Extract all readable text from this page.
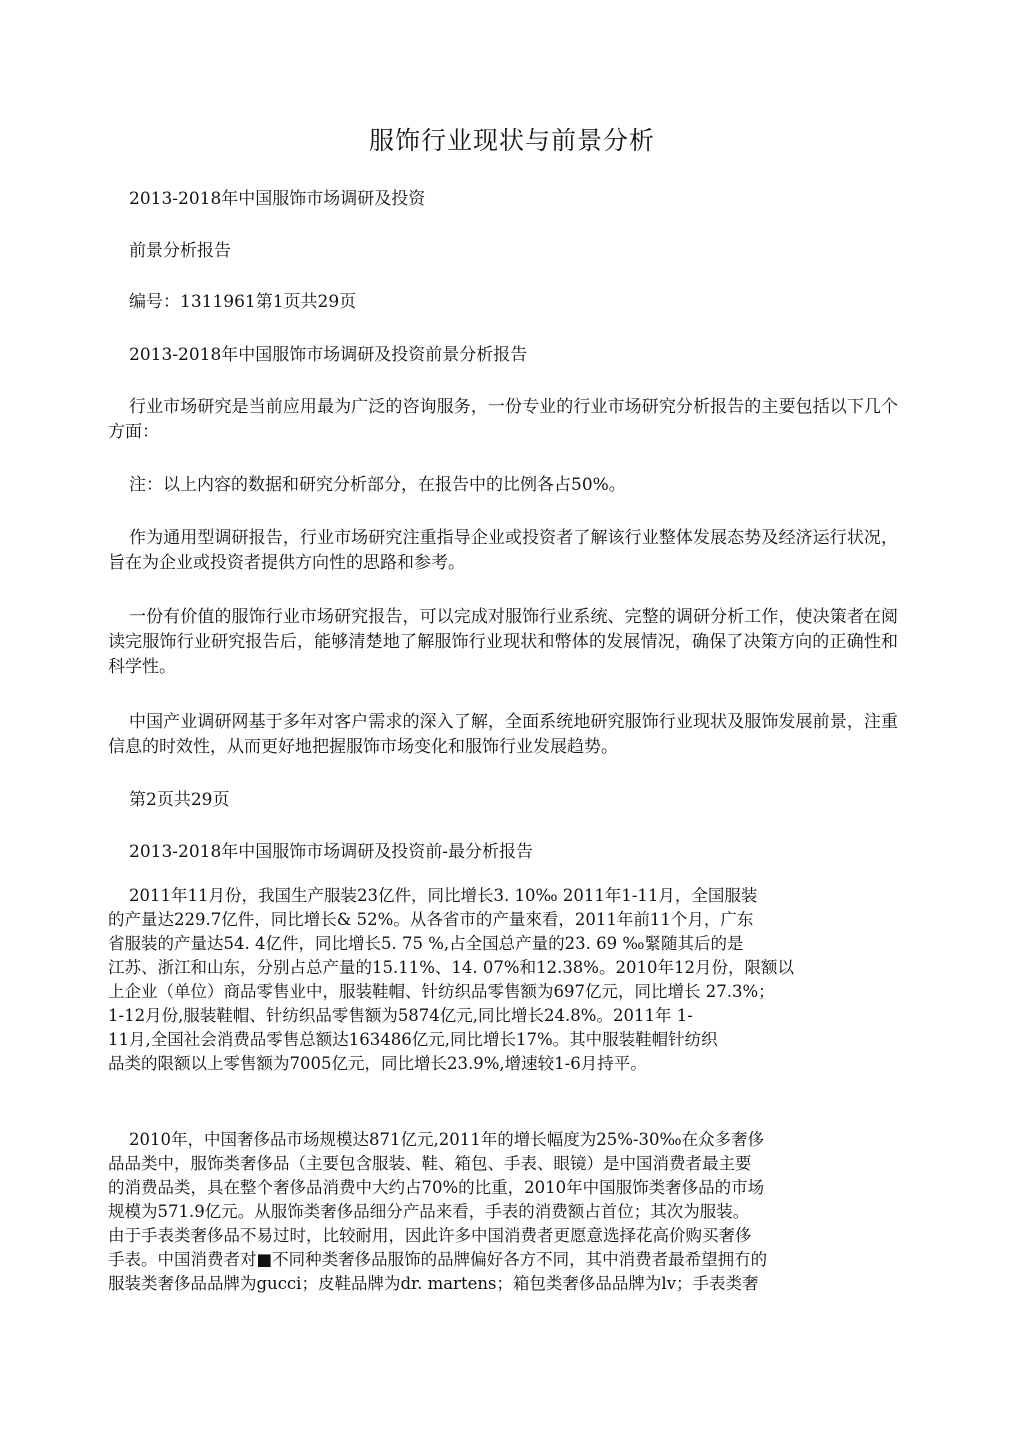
服饰行业现状与前景分析
2013-2018年中国服饰市场调研及投资
前景分析报告
编号：1311961第1页共29页
2013-2018年中国服饰市场调研及投资前景分析报告
行业市场研究是当前应用最为广泛的咨询服务，一份专业的行业市场研究分析报告的主要包括以下几个方面：
注：以上内容的数据和研究分析部分，在报告中的比例各占50%。
作为通用型调研报告，行业市场研究注重指导企业或投资者了解该行业整体发展态势及经济运行状况，旨在为企业或投资者提供方向性的思路和参考。
一份有价值的服饰行业市场研究报告，可以完成对服饰行业系统、完整的调研分析工作，使决策者在阅读完服饰行业研究报告后，能够清楚地了解服饰行业现状和幣体的发展情况，确保了决策方向的正确性和科学性。
中国产业调研网基于多年对客户需求的深入了解，全面系统地研究服饰行业现状及服饰发展前景，注重信息的时效性，从而更好地把握服饰市场变化和服饰行业发展趋势。
第2页共29页
2013-2018年中国服饰市场调研及投资前-最分析报告
2011年11月份，我国生产服装23亿件，同比增长3. 10‰ 2011年1-11月，全国服装
的产量达229.7亿件，同比增长& 52%。从各省市的产量來看，2011年前11个月，广东
省服装的产量达54. 4亿件，同比增长5. 75 %,占全国总产量的23. 69 ‰緊随其后的是
江苏、浙江和山东，分别占总产量的15.11%、14. 07%和12.38%。2010年12月份，限额以
上企业（单位）商品零售业中，服装鞋帽、针纺织品零售额为697亿元，同比增长 27.3%；
1-12月份,服装鞋帽、针纺织品零售额为5874亿元,同比增长24.8%。2011年 1-
11月,全国社会消费品零售总额达163486亿元,同比增长17%。其中服装鞋帽针纺织
品类的限额以上零售额为7005亿元，同比增长23.9%,增速较1-6月持平。
2010年，中国奢侈品市场规模达871亿元,2011年的增长幅度为25%-30‰在众多奢侈
品品类中，服饰类奢侈品（主要包含服装、鞋、箱包、手表、眼镜）是中国消费者最主要
的消费品类，具在整个奢侈品消费中大约占70%的比重，2010年中国服饰类奢侈品的市场
规模为571.9亿元。从服饰类奢侈品细分产品来看，手表的消费额占首位；其次为服装。
由于手表类奢侈品不易过时，比较耐用，因此许多中国消费者更愿意选择花高价购买奢侈
手表。中国消费者对■不同种类奢侈品服饰的品牌偏好各方不同，其中消费者最希望拥冇的
服装类奢侈品品牌为gucci；皮鞋品牌为dr. martens；箱包类奢侈品品牌为lv；手表类奢
